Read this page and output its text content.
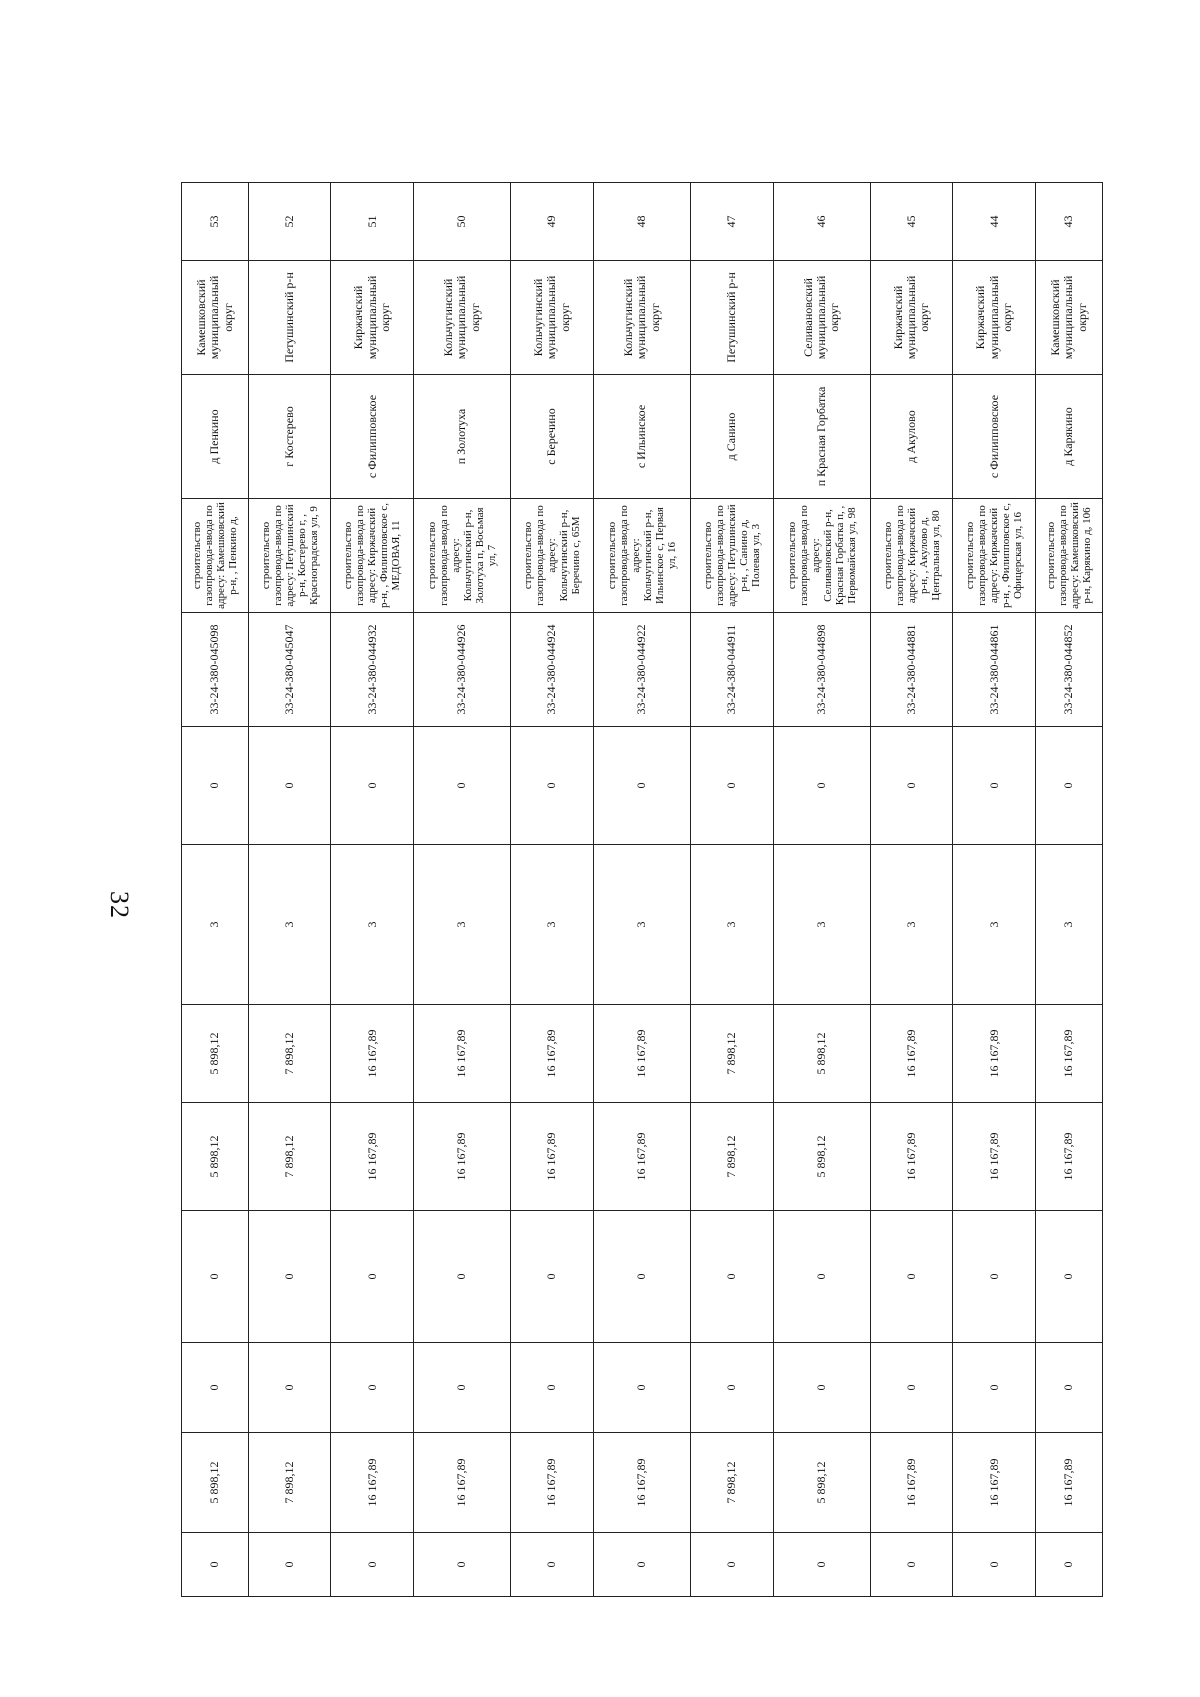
32
0	5 898,12	0	0	5 898,12	5 898,12	3	0	33-24-380-045098	строительство газопровода-ввода по адресу: Камешковский р-н, , Пенкино д,	д Пенкино	Камешковский муниципальный округ	53
0	7 898,12	0	0	7 898,12	7 898,12	3	0	33-24-380-045047	строительство газопровода-ввода по адресу: Петушинский р-н, Костерево г, , Красноградская ул, 9	г Костерево	Петушинский р-н	52
0	16 167,89	0	0	16 167,89	16 167,89	3	0	33-24-380-044932	строительство газопровода-ввода по адресу: Киржачский р-н, , Филипповское с, МЕДОВАЯ, 11	с Филипповское	Киржачский муниципальный округ	51
0	16 167,89	0	0	16 167,89	16 167,89	3	0	33-24-380-044926	строительство газопровода-ввода по адресу: Кольчугинский р-н, Золотуха п, Восьмая ул, 7	п Золотуха	Кольчугинский муниципальный округ	50
0	16 167,89	0	0	16 167,89	16 167,89	3	0	33-24-380-044924	строительство газопровода-ввода по адресу: Кольчугинский р-н, Беречино с, 65М	с Беречино	Кольчугинский муниципальный округ	49
0	16 167,89	0	0	16 167,89	16 167,89	3	0	33-24-380-044922	строительство газопровода-ввода по адресу: Кольчугинский р-н, Ильинское с, Первая ул, 16	с Ильинское	Кольчугинский муниципальный округ	48
0	7 898,12	0	0	7 898,12	7 898,12	3	0	33-24-380-044911	строительство газопровода-ввода по адресу: Петушинский р-н, , Санино д, Полевая ул, 3	д Санино	Петушинский р-н	47
0	5 898,12	0	0	5 898,12	5 898,12	3	0	33-24-380-044898	строительство газопровода-ввода по адресу: Селивановский р-н, Красная Горбатка п, , Первомайская ул, 98	п Красная Горбатка	Селивановский муниципальный округ	46
0	16 167,89	0	0	16 167,89	16 167,89	3	0	33-24-380-044881	строительство газопровода-ввода по адресу: Киржачский р-н, , Акулово д, Центральная ул, 80	д Акулово	Киржачский муниципальный округ	45
0	16 167,89	0	0	16 167,89	16 167,89	3	0	33-24-380-044861	строительство газопровода-ввода по адресу: Киржачский р-н, , Филипповское с, Офицерская ул, 16	с Филипповское	Киржачский муниципальный округ	44
0	16 167,89	0	0	16 167,89	16 167,89	3	0	33-24-380-044852	строительство газопровода-ввода по адресу: Камешковский р-н, Карякино д, 106	д Карякино	Камешковский муниципальный округ	43
